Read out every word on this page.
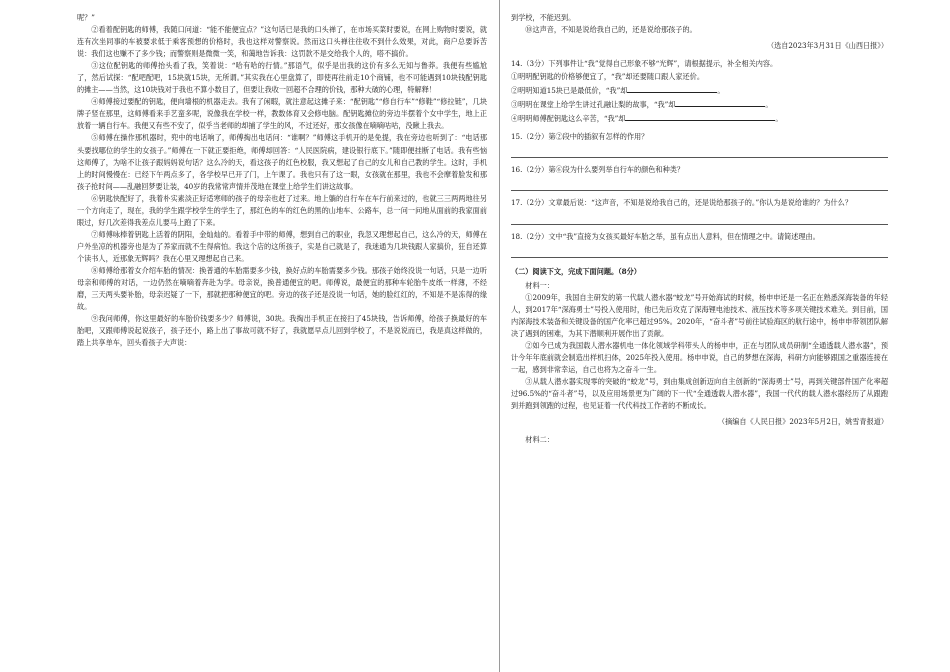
呢？”

②看着配钥匙的师傅，我随口问道：“能不能便宜点？”这句话已是我的口头禅了，在市场买菜时要说，在网上购物时要说，就连有次坐同事的车被要求低于乘客预想的价格时，我也这样对警察说。然而这口头禅往往收不到什么效果，对此，商户总要诉苦说：我们这也赚不了多少钱；而警察则是微微一笑，和蔼地告诉我：这罚款不是交给我个人的，嗒不搞价。

③这位配钥匙的师傅抬头看了我，笑着说：“哈有哈的行情。”那语气，似乎是出我的这价有多么无知与鲁莽。我便有些尴尬了，然后试探：“配吧配吧，15块就15块，无所谓。”其实我在心里盘算了，即使再往前走10个商铺，也不可能遇到10块钱配钥匙的摊主——当然，这10块钱对于我也不算小数目了，但要让我收一回超不合理的价钱，那种大破的心理，特解释！

④师傅接过要配的钥匙，便向墙根的机器走去。我有了闲暇，就注意起这摊子来：“配钥匙”“修自行车”“修鞋”“修拉链”，几块牌子竖在那里，这师傅看来手艺蛮多呢，说像我在学校一样，教数体育又会修电脑。配钥匙摊位的旁边半摆着个女中学生，地上正放着一辆自行车。我便又有些不安了，似乎当老师的却捕了学生的风，不过还好，那女孩像在嘀嘀咕咕，没瞅上我去。

⑤师傅在操作那机器时，兜中的电话响了，师傅掏出电话问：“谁啊？”师傅这手机开的是免提，我在旁边也听到了：“电话那头要找哪位的学生的女孩子。”师傅在一下就正要拒绝，师傅却回答：“人民医院病，建设银行底下。”随即便挂断了电话。我有些恼这师傅了，为啥不让孩子跟妈妈说句话？这么冷的天，看这孩子的红色校服，我又想起了自己的女儿和自己教的学生。这时，手机上的时间慢慢在：已经下午两点多了，各学校早已开了门，上午课了。我也只有了这一眼，女孩就在那里，我也不会摩着脸发和那孩子抢时间——乱融回梦要让装，40岁的我常常声情并茂地在课堂上给学生们讲这故事。

⑥钥匙快配好了，我着朴实素淡正好适寒师的孩子的母亲也赶了过来。地上躺的自行车在车行前来过的，也就三三两两地往另一个方向走了，现在，我的学生跟学校学生的学生了，那红色的车的红色的黑的山地车、公路车，总一问一问地从面前的我家面前眼过，好几次差得我差点儿要马上跑了下来。

⑦师傅咏棒着钥匙上活着的阴阳，金灿灿的。看着手中带的师傅，想到自己的职业，我忽又理想起自己，这么冷的天，师傅在户外坐凉的机器旁也是为了养家而就不生得病怕。我这个店的这所孩子，实是自己就是了，我迷通为几块钱跟人家搞价，狂自还算个读书人，近那象无辉吗？我在心里又理想起自己来。

⑧师傅给那着女介绍车胎的情况：换普通的车胎需要多少钱，换好点的车胎需要多少钱。那孩子始终没说一句话，只是一边听母亲和师傅的对话，一边仍然在嘀嘀着奔赴为学。母亲说，换普通便宜的吧。师傅说，最便宜的那种车轮胎牛皮纸一样薄，不经磨，三天两头要补胎，母亲迟疑了一下，那就把那种便宜的吧。旁边的孩子还是没说一句话，她的脸红红的，不知是不是冻得的缘故。

⑨我问师傅，你这里最好的车胎价钱要多少？师傅说，30块。我掏出手机正在接扫了45块钱，告诉师傅，给孩子换最好的车胎吧，又跟师傅说起说孩子，孩子还小，路上出了事故可就不好了，我就愿早点儿回到学校了，不是说说而已，我是真这样做的，踏上共享单车，回头看孩子大声说：

到学校，不能迟到。

⑩这声音，不知是说给我自己的，还是说给那孩子的。

（选自2023年3月31日《山西日报》）

14.（3分）下列事件让“我”觉得自己形象不够“光辉”，请根据提示，补全相关内容。

①明明配钥匙的价格够便宜了，“我”却还要随口跟人家还价。

②明明知道15块已是最低价，“我”却	。

③明明在课堂上给学生讲过孔融让梨的故事，“我”却	。

④明明师傅配钥匙这么辛苦，“我”却	。

15.（2分）第②段中的插叙有怎样的作用？

16.（2分）第⑥段为什么要列举自行车的颜色和种类？

17.（2分）文章最后说：“这声音，不知是说给我自己的，还是说给那孩子的。”你认为是说给谁的？为什么？

18.（2分）文中“我”直接为女孩买最好车胎之举，虽有点出人意料，但在情理之中。请简述理由。

（二）阅读下文，完成下面问题。（8分）

材料一：

①2009年，我国自主研发的第一代载人潜水器“蛟龙”号开始海试的时候，杨申申还是一名正在熟悉深海装备的年轻人，到2017年“深海勇士”号投入使用时，他已先后攻克了深海锂电池技术、液压技术等多项关键技术难关。到目前，国内深海技术装备和关键设备的国产化率已超过95%。2020年，“奋斗者”号前往试验海区的航行途中，杨申申带领团队解决了遇到的困难，为其下潜顺利开展作出了贡献。

②如今已成为我国载人潜水器机电一体化领域学科带头人的杨申申，正在与团队成员研制“全通透载人潜水器”，预计今年年底前就会制造出样机扫体，2025年投入使用。杨申申说，自己的梦想在深海，科研方向能够跟国之重器连接在一起，感到非常幸运，自己也将为之奋斗一生。

③从载人潜水器实现零的突破的“蛟龙”号，到由集成创新迈向自主创新的“深海勇士”号，再到关键部件国产化率超过96.5%的“奋斗者”号，以及应用场景更为广阔的下一代“全通透载人潜水器”，我国一代代的载人潜水器经历了从跟跑到并跑到领跑的过程，也见证着一代代科技工作者的不断成长。

（摘编自《人民日报》2023年5月2日，姚雪青报道）

材料二：
